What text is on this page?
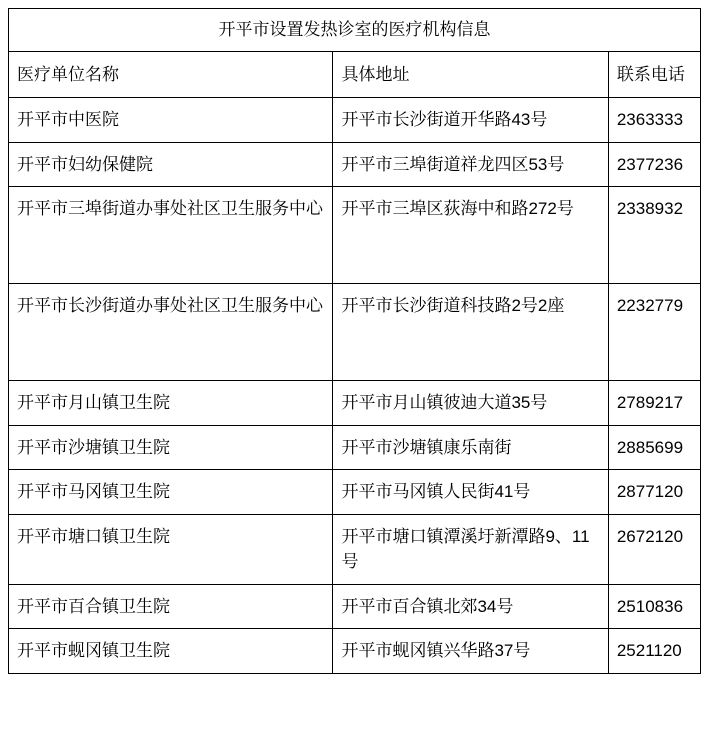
开平市设置发热诊室的医疗机构信息		
医疗单位名称	具体地址	联系电话
开平市中医院	开平市长沙街道开华路43号	2363333
开平市妇幼保健院	开平市三埠街道祥龙四区53号	2377236
开平市三埠街道办事处社区卫生服务中心	开平市三埠区荻海中和路272号	2338932
开平市长沙街道办事处社区卫生服务中心	开平市长沙街道科技路2号2座	2232779
开平市月山镇卫生院	开平市月山镇彼迪大道35号	2789217
开平市沙塘镇卫生院	开平市沙塘镇康乐南街	2885699
开平市马冈镇卫生院	开平市马冈镇人民街41号	2877120
开平市塘口镇卫生院	开平市塘口镇潭溪圩新潭路9、11号	2672120
开平市百合镇卫生院	开平市百合镇北郊34号	2510836
开平市蚬冈镇卫生院	开平市蚬冈镇兴华路37号	2521120
